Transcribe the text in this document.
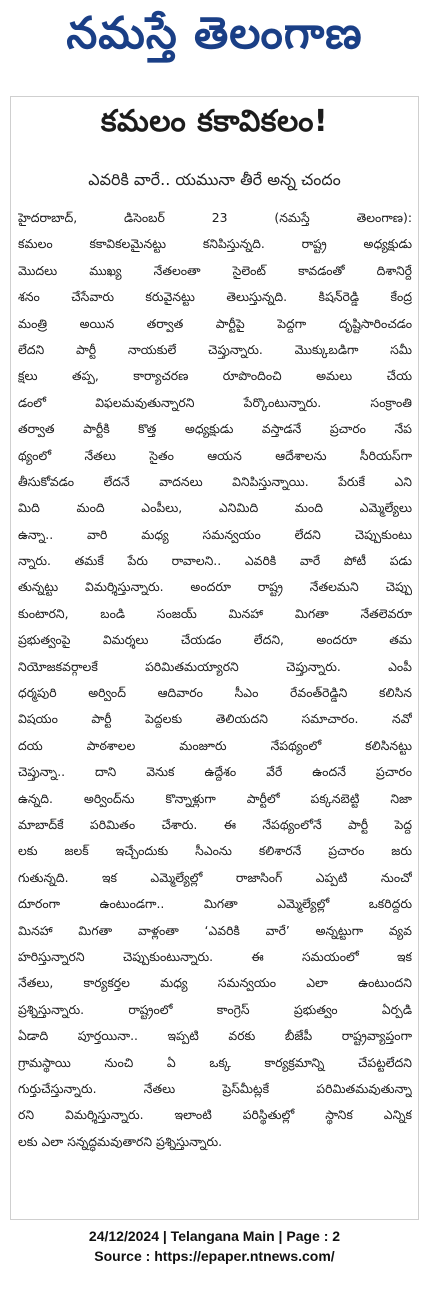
నమస్తే తెలంగాణ
కమలం కకావికలం!
ఎవరికి వారే.. యమునా తీరే అన్న చందం
హైదరాబాద్, డిసెంబర్ 23 (నమస్తే తెలంగాణ):
కమలం కకావికలమైనట్టు కనిపిస్తున్నది. రాష్ట్ర అధ్యక్షుడు
మొదలు ముఖ్య నేతలంతా సైలెంట్ కావడంతో దిశానిర్దే
శనం చేసేవారు కరువైనట్టు తెలుస్తున్నది. కిషన్‌రెడ్డి కేంద్ర
మంత్రి అయిన తర్వాత పార్టీపై పెద్దగా దృష్టిసారించడం
లేదని పార్టీ నాయకులే చెప్తున్నారు. మొక్కుబడిగా సమీ
క్షలు తప్ప, కార్యాచరణ రూపొందించి అమలు చేయ
డంలో విఫలమవుతున్నారని పేర్కొంటున్నారు. సంక్రాంతి
తర్వాత పార్టీకి కొత్త అధ్యక్షుడు వస్తాడనే ప్రచారం నేప
థ్యంలో నేతలు సైతం ఆయన ఆదేశాలను సీరియస్‌గా
తీసుకోవడం లేదనే వాదనలు వినిపిస్తున్నాయి. పేరుకే ఎని
మిది మంది ఎంపీలు, ఎనిమిది మంది ఎమ్మెల్యేలు
ఉన్నా.. వారి మధ్య సమన్వయం లేదని చెప్పుకుంటు
న్నారు. తమకే పేరు రావాలని.. ఎవరికి వారే పోటీ పడు
తున్నట్టు విమర్శిస్తున్నారు. అందరూ రాష్ట్ర నేతలమని చెప్పు
కుంటారని, బండి సంజయ్ మినహా మిగతా నేతలెవరూ
ప్రభుత్వంపై విమర్శలు చేయడం లేదని, అందరూ తమ
నియోజకవర్గాలకే పరిమితమయ్యారని చెప్తున్నారు. ఎంపీ
ధర్మపురి అర్వింద్ ఆదివారం సీఎం రేవంత్‌రెడ్డిని కలిసిన
విషయం పార్టీ పెద్దలకు తెలియదని సమాచారం. నవో
దయ పాఠశాలల మంజూరు నేపథ్యంలో కలిసినట్టు
చెప్తున్నా.. దాని వెనుక ఉద్దేశం వేరే ఉందనే ప్రచారం
ఉన్నది. అర్వింద్‌ను కొన్నాళ్లుగా పార్టీలో పక్కనబెట్టి నిజా
మాబాద్‌కే పరిమితం చేశారు. ఈ నేపథ్యంలోనే పార్టీ పెద్ద
లకు జలక్ ఇచ్చేందుకు సీఎంను కలిశారనే ప్రచారం జరు
గుతున్నది. ఇక ఎమ్మెల్యేల్లో రాజాసింగ్ ఎప్పటి నుంచో
దూరంగా ఉంటుండగా.. మిగతా ఎమ్మెల్యేల్లో ఒకరిద్దరు
మినహా మిగతా వాళ్లంతా ‘ఎవరికి వారే’ అన్నట్టుగా వ్యవ
హరిస్తున్నారని చెప్పుకుంటున్నారు. ఈ సమయంలో ఇక
నేతలు, కార్యకర్తల మధ్య సమన్వయం ఎలా ఉంటుందని
ప్రశ్నిస్తున్నారు. రాష్ట్రంలో కాంగ్రెస్ ప్రభుత్వం ఏర్పడి
ఏడాది పూర్తయినా.. ఇప్పటి వరకు బీజేపీ రాష్ట్రవ్యాప్తంగా
గ్రామస్థాయి నుంచి ఏ ఒక్క కార్యక్రమాన్ని చేపట్టలేదని
గుర్తుచేస్తున్నారు. నేతలు ప్రెస్‌మీట్లకే పరిమితమవుతున్నా
రని విమర్శిస్తున్నారు. ఇలాంటి పరిస్థితుల్లో స్థానిక ఎన్నిక
లకు ఎలా సన్నద్ధమవుతారని ప్రశ్నిస్తున్నారు.
24/12/2024 | Telangana Main | Page : 2
Source : https://epaper.ntnews.com/
